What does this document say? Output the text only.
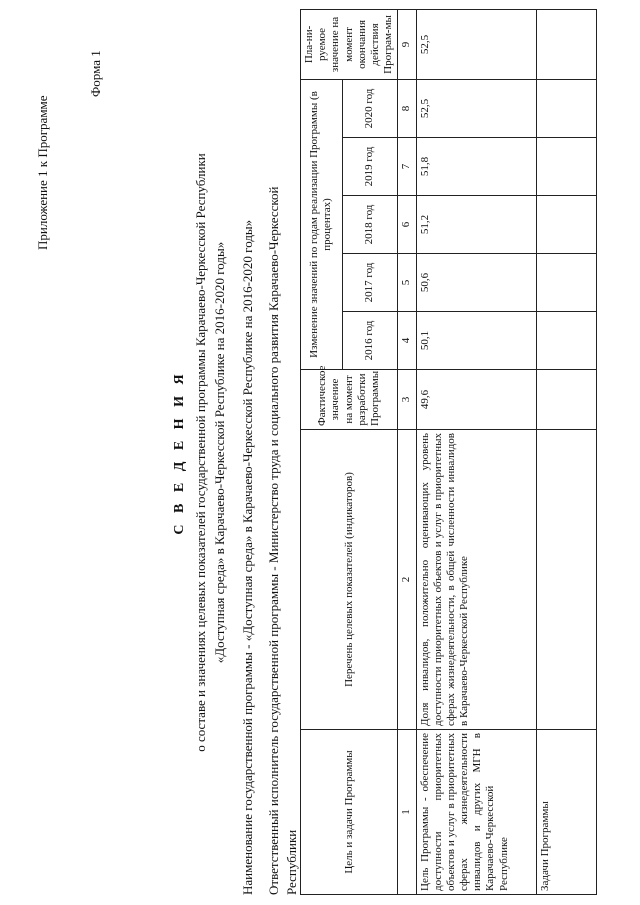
Приложение 1 к Программе
Форма 1
С В Е Д Е Н И Я о составе и значениях целевых показателей государственной программы Карачаево-Черкесской Республики «Доступная среда» в Карачаево-Черкесской Республике на 2016-2020 годы» Наименование государственной программы - «Доступная среда» в Карачаево-Черкесской Республике на 2016-2020 годы» Ответственный исполнитель государственной программы - Министерство труда и социального развития Карачаево-Черкесской Республики	Цель и задачи Программы	Перечень целевых показателей (индикаторов)	Фактическое значение на момент разработки Программы	Изменение значений по годам реализации Программы (в процентах)					Пла-ни-руемое значение на момент окончания действия Програм-мы
			2016 год	2017 год	2018 год	2019 год	2020 год	
1	2	3	4	5	6	7	8	9
Цель Программы - обеспечение доступности приоритетных объектов и услуг в приоритетных сферах жизнедеятельности инвалидов и других МГН в Карачаево-Черкесской Республике	Доля инвалидов, положительно оценивающих уровень доступности приоритетных объектов и услуг в приоритетных сферах жизнедеятельности, в общей численности инвалидов в Карачаево-Черкесской Республике	49,6	50,1	50,6	51,2	51,8	52,5	52,5
Задачи Программы								
